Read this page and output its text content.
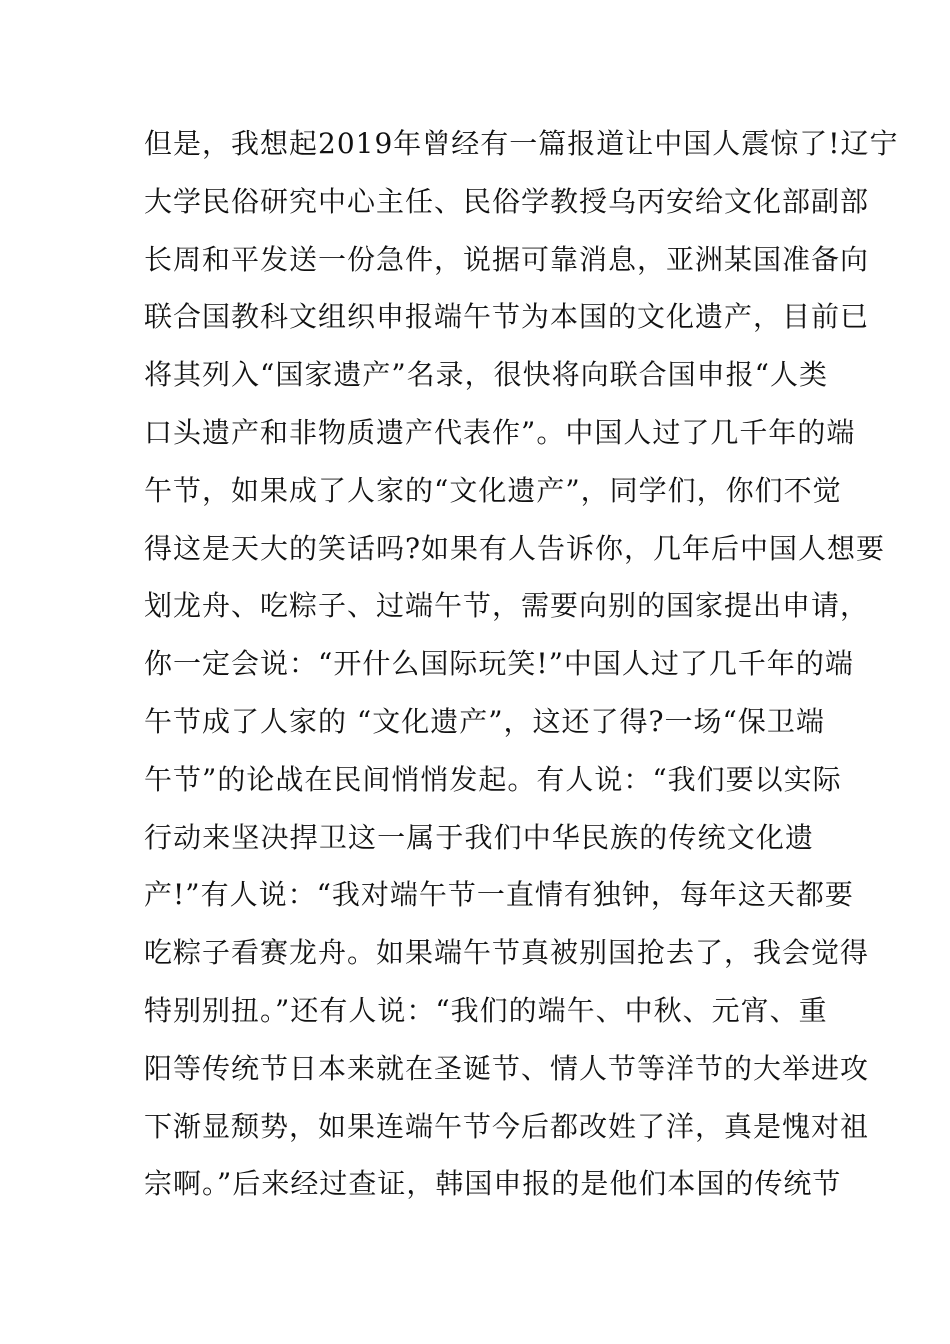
但是，我想起2019年曾经有一篇报道让中国人震惊了!辽宁
大学民俗研究中心主任、民俗学教授乌丙安给文化部副部
长周和平发送一份急件，说据可靠消息，亚洲某国准备向
联合国教科文组织申报端午节为本国的文化遗产，目前已
将其列入“国家遗产”名录，很快将向联合国申报“人类
口头遗产和非物质遗产代表作”。中国人过了几千年的端
午节，如果成了人家的“文化遗产”，同学们，你们不觉
得这是天大的笑话吗?如果有人告诉你，几年后中国人想要
划龙舟、吃粽子、过端午节，需要向别的国家提出申请，
你一定会说：“开什么国际玩笑!”中国人过了几千年的端
午节成了人家的 “文化遗产”，这还了得?一场“保卫端
午节”的论战在民间悄悄发起。有人说：“我们要以实际
行动来坚决捍卫这一属于我们中华民族的传统文化遗
产!”有人说：“我对端午节一直情有独钟，每年这天都要
吃粽子看赛龙舟。如果端午节真被别国抢去了，我会觉得
特别别扭。”还有人说：“我们的端午、中秋、元宵、重
阳等传统节日本来就在圣诞节、情人节等洋节的大举进攻
下渐显颓势，如果连端午节今后都改姓了洋，真是愧对祖
宗啊。”后来经过查证，韩国申报的是他们本国的传统节
